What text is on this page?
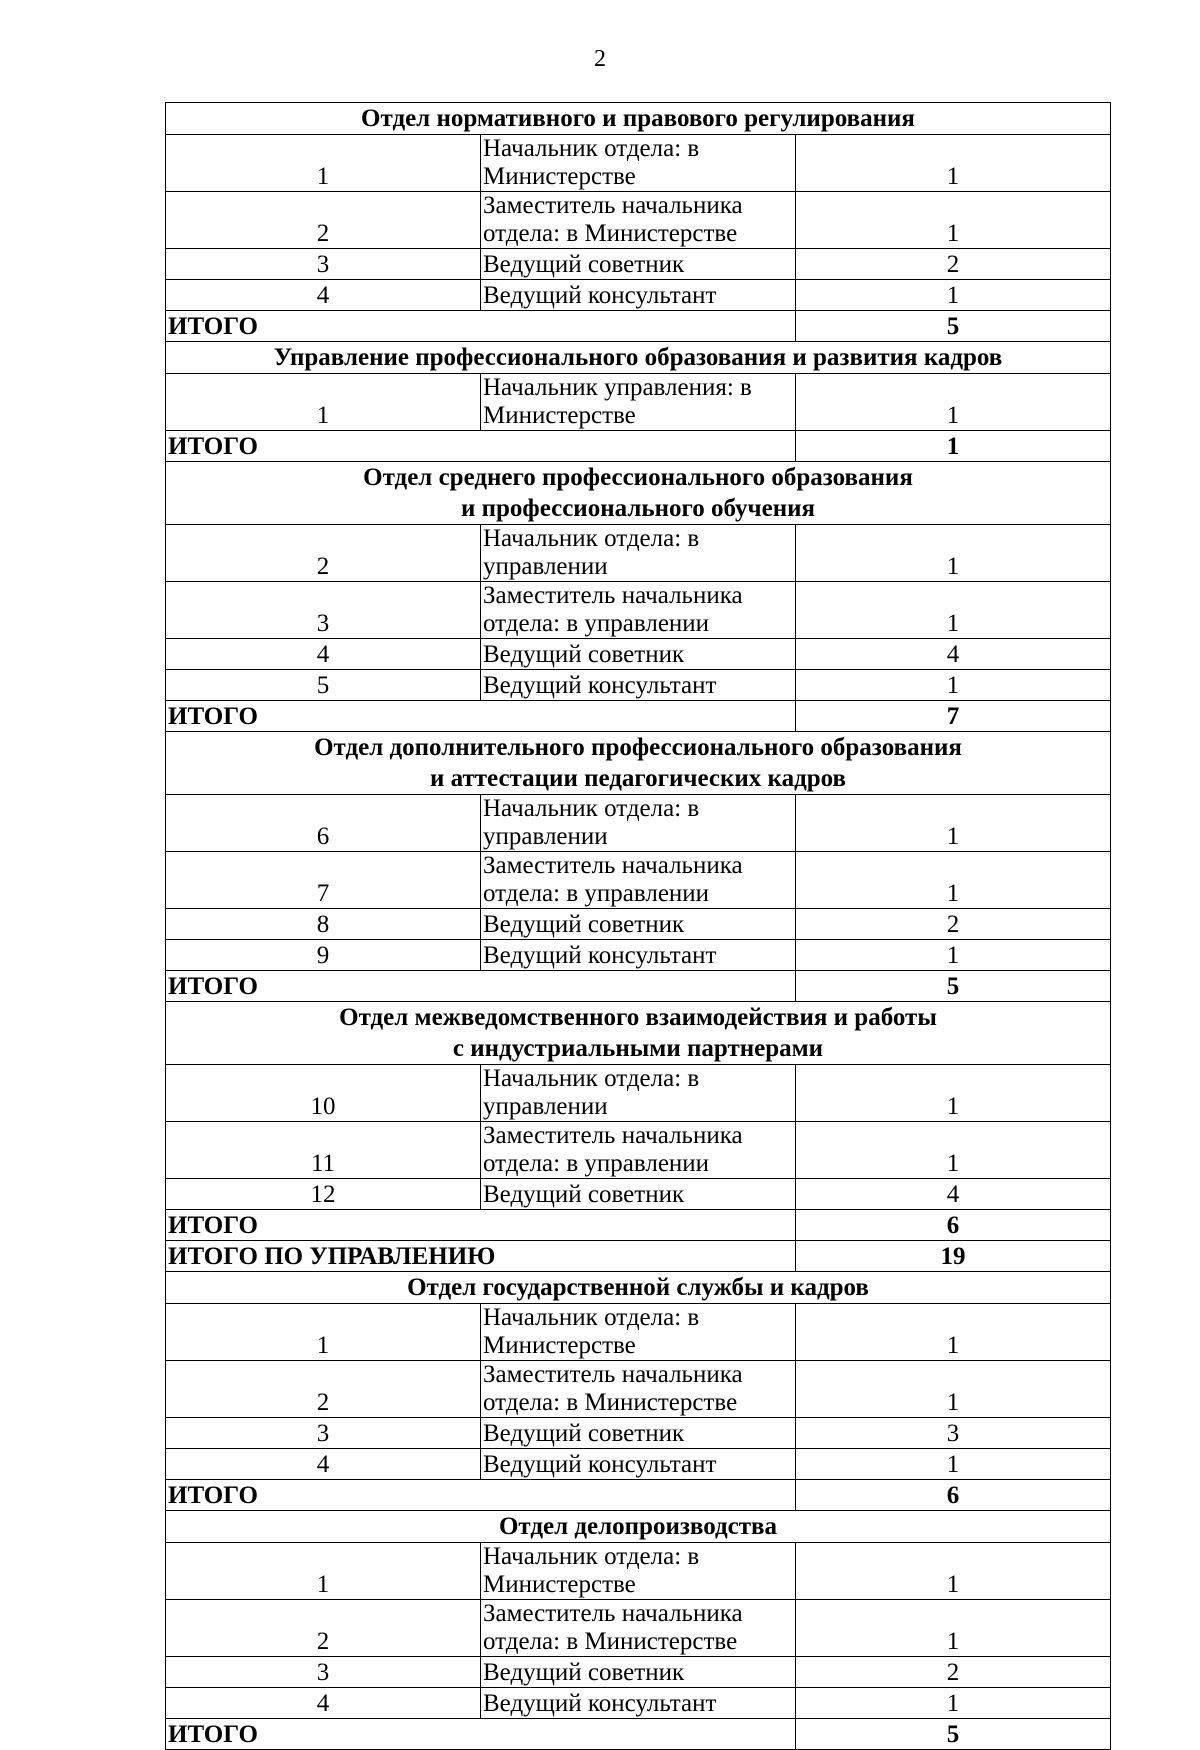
2
Отдел нормативного и правового регулирования		
1	Начальник отдела: в Министерстве	1
2	Заместитель начальника отдела: в Министерстве	1
3	Ведущий советник	2
4	Ведущий консультант	1
ИТОГО		5
Управление профессионального образования и развития кадров		
1	Начальник управления: в Министерстве	1
ИТОГО		1
Отдел среднего профессионального образования
и профессионального обучения		
2	Начальник отдела: в управлении	1
3	Заместитель начальника отдела: в управлении	1
4	Ведущий советник	4
5	Ведущий консультант	1
ИТОГО		7
Отдел дополнительного профессионального образования
и аттестации педагогических кадров		
6	Начальник отдела: в управлении	1
7	Заместитель начальника отдела: в управлении	1
8	Ведущий советник	2
9	Ведущий консультант	1
ИТОГО		5
Отдел межведомственного взаимодействия и работы
с индустриальными партнерами		
10	Начальник отдела: в управлении	1
11	Заместитель начальника отдела: в управлении	1
12	Ведущий советник	4
ИТОГО		6
ИТОГО ПО УПРАВЛЕНИЮ		19
Отдел государственной службы и кадров		
1	Начальник отдела: в Министерстве	1
2	Заместитель начальника отдела: в Министерстве	1
3	Ведущий советник	3
4	Ведущий консультант	1
ИТОГО		6
Отдел делопроизводства		
1	Начальник отдела: в Министерстве	1
2	Заместитель начальника отдела: в Министерстве	1
3	Ведущий советник	2
4	Ведущий консультант	1
ИТОГО		5
